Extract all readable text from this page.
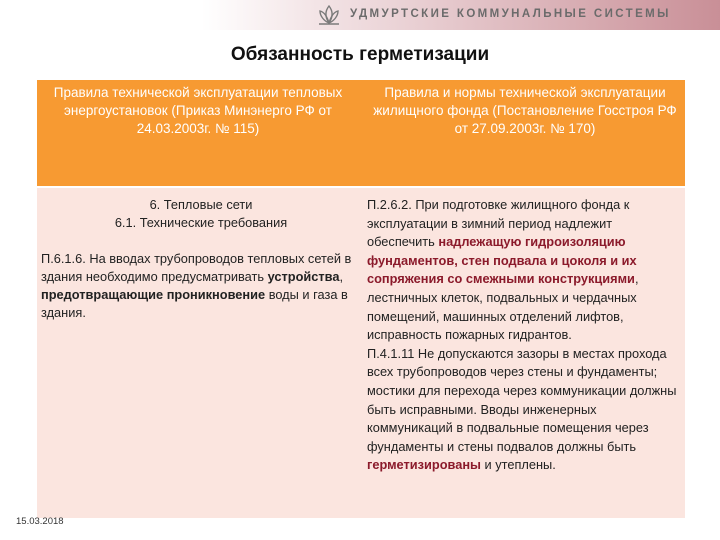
УДМУРТСКИЕ КОММУНАЛЬНЫЕ СИСТЕМЫ
Обязанность герметизации
Правила технической эксплуатации тепловых энергоустановок (Приказ Минэнерго РФ от 24.03.2003г. № 115)
Правила и нормы технической эксплуатации жилищного фонда (Постановление Госстроя РФ от 27.09.2003г. № 170)
6. Тепловые сети
6.1. Технические требования

П.6.1.6. На вводах трубопроводов тепловых сетей в здания необходимо предусматривать устройства, предотвращающие проникновение воды и газа в здания.

П.2.6.2. При подготовке жилищного фонда к эксплуатации в зимний период надлежит обеспечить надлежащую гидроизоляцию фундаментов, стен подвала и цоколя и их сопряжения со смежными конструкциями, лестничных клеток, подвальных и чердачных помещений, машинных отделений лифтов, исправность пожарных гидрантов.

П.4.1.11 Не допускаются зазоры в местах прохода всех трубопроводов через стены и фундаменты; мостики для перехода через коммуникации должны быть исправными. Вводы инженерных коммуникаций в подвальные помещения через фундаменты и стены подвалов должны быть герметизированы и утеплены.

15.03.2018
